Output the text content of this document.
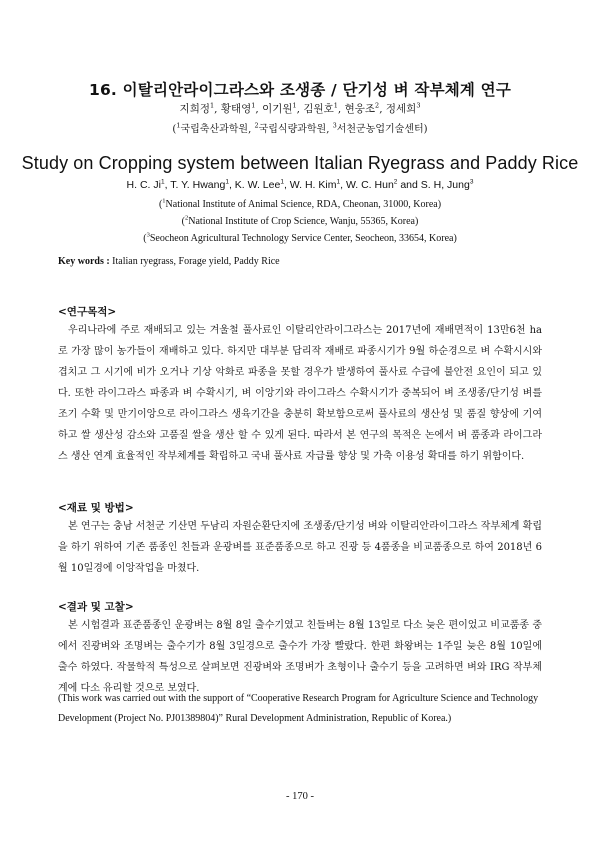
16. 이탈리안라이그라스와 조생종 / 단기성 벼 작부체계 연구
지희정$^1$, 황태영$^1$, 이기원$^1$, 김원호$^1$, 현웅조$^2$, 정세희$^3$
($^1$국립축산과학원, $^2$국립식량과학원, $^3$서천군농업기술센터)
Study on Cropping system between Italian Ryegrass and Paddy Rice
H. C. Ji$^1$, T. Y. Hwang$^1$, K. W. Lee$^1$, W. H. Kim$^1$, W. C. Hun$^2$ and S. H, Jung$^3$
($^1$National Institute of Animal Science, RDA, Cheonan, 31000, Korea)
($^2$National Institute of Crop Science, Wanju, 55365, Korea)
($^3$Seocheon Agricultural Technology Service Center, Seocheon, 33654, Korea)
Key words : Italian ryegrass, Forage yield, Paddy Rice
<연구목적>
우리나라에 주로 재배되고 있는 겨울철 풀사료인 이탈리안라이그라스는 2017년에 재배면적이 13만6천 ha로 가장 많이 농가들이 재배하고 있다. 하지만 대부분 답리작 재배로 파종시기가 9월 하순경으로 벼 수확시시와 겹치고 그 시기에 비가 오거나 기상 악화로 파종을 못할 경우가 발생하여 풀사료 수급에 불안전 요인이 되고 있다. 또한 라이그라스 파종과 벼 수확시기, 벼 이앙기와 라이그라스 수확시기가 중복되어 벼 조생종/단기성 벼를 조기 수확 및 만기이앙으로 라이그라스 생육기간을 충분히 확보함으로써 풀사료의 생산성 및 품질 향상에 기여하고 쌀 생산성 감소와 고품질 쌀을 생산 할 수 있게 된다. 따라서 본 연구의 목적은 논에서 벼 품종과 라이그라스 생산 연계 효율적인 작부체계를 확립하고 국내 풀사료 자급률 향상 및 가축 이용성 확대를 하기 위함이다.
<재료 및 방법>
본 연구는 충남 서천군 기산면 두남리 자원순환단지에 조생종/단기성 벼와 이탈리안라이그라스 작부체계 확립을 하기 위하여 기존 품종인 친들과 운광벼를 표준품종으로 하고 진광 등 4품종을 비교품종으로 하여 2018년 6월 10일경에 이앙작업을 마쳤다.
<결과 및 고찰>
본 시험결과 표준품종인 운광벼는 8월 8일 출수기였고 친들벼는 8월 13일로 다소 늦은 편이었고 비교품종 중에서 진광벼와 조명벼는 출수기가 8월 3일경으로 출수가 가장 빨랐다. 한편 화왕벼는 1주일 늦은 8월 10일에 출수 하였다. 작물학적 특성으로 살펴보면 진광벼와 조명벼가 초형이나 출수기 등을 고려하면 벼와 IRG 작부체계에 다소 유리할 것으로 보였다.
(This work was carried out with the support of “Cooperative Research Program for Agriculture Science and Technology Development (Project No. PJ01389804)” Rural Development Administration, Republic of Korea.)
- 170 -
